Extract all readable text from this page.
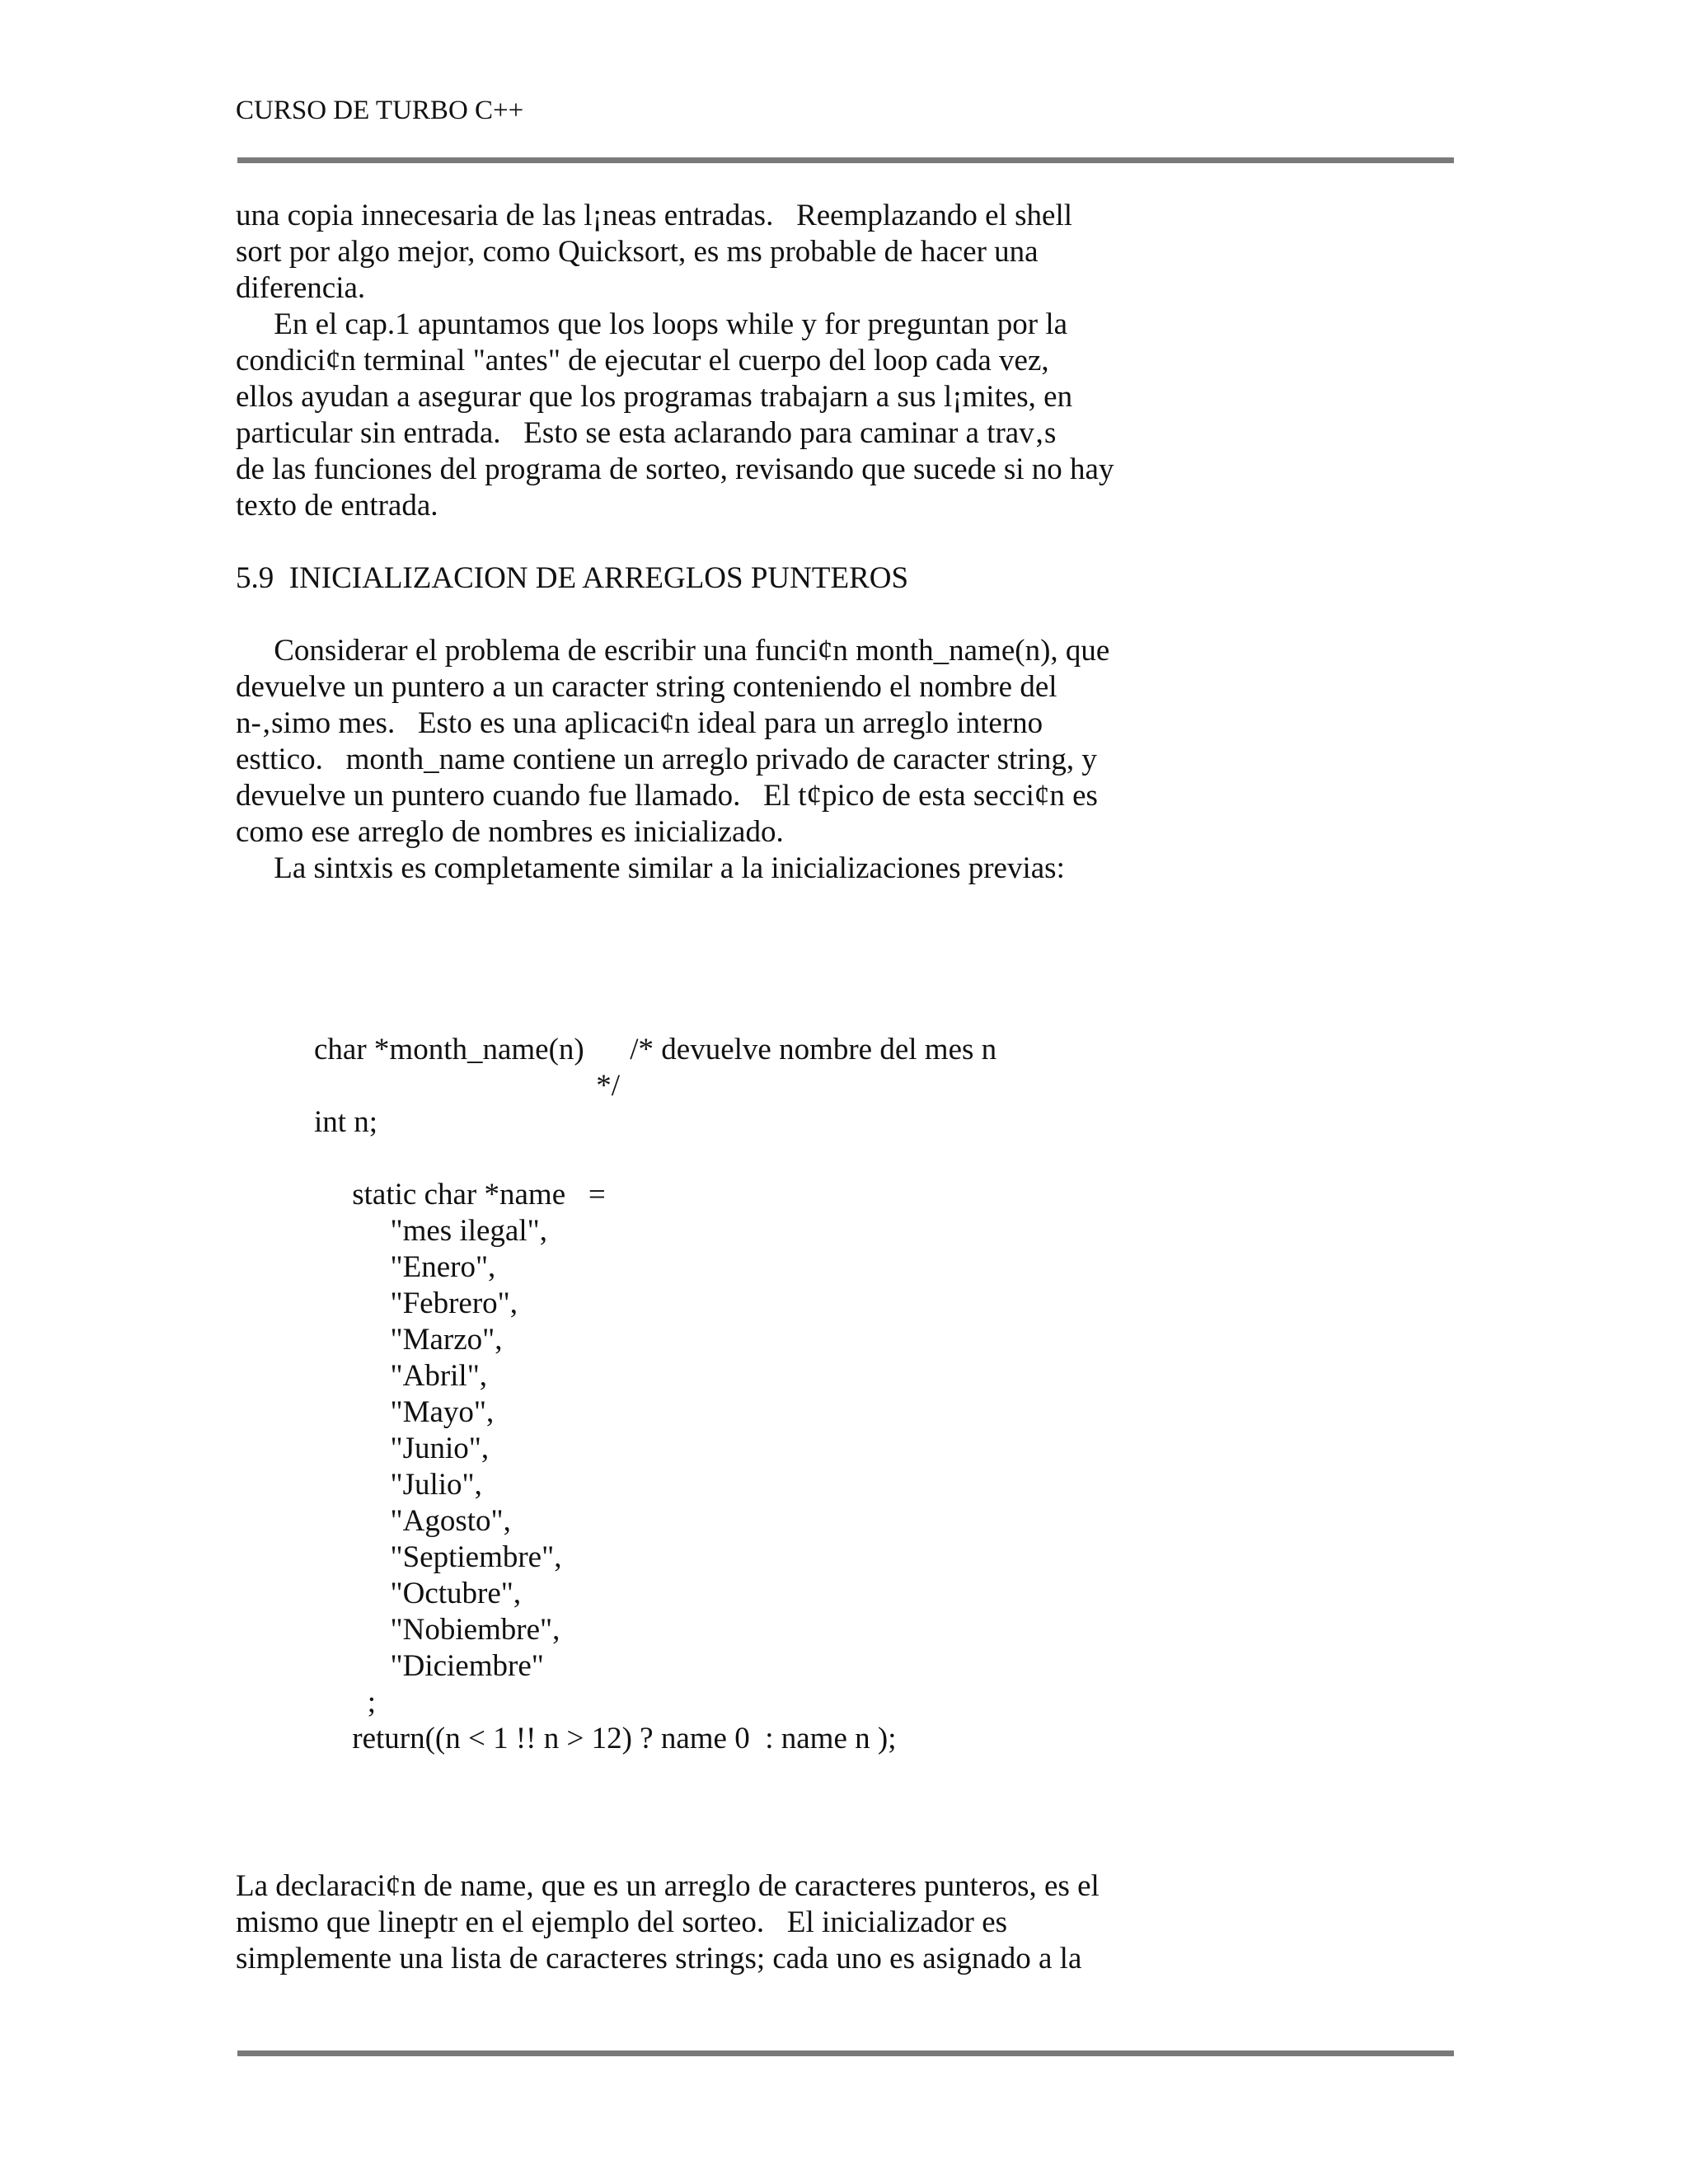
CURSO DE TURBO C++
una copia innecesaria de las l¡neas entradas.   Reemplazando el shell
sort por algo mejor, como Quicksort, es ms probable de hacer una
diferencia.
En el cap.1 apuntamos que los loops while y for preguntan por la
condici¢n terminal "antes" de ejecutar el cuerpo del loop cada vez,
ellos ayudan a asegurar que los programas trabajarn a sus l¡mites, en
particular sin entrada.   Esto se esta aclarando para caminar a trav‚s
de las funciones del programa de sorteo, revisando que sucede si no hay
texto de entrada.
5.9  INICIALIZACION DE ARREGLOS PUNTEROS
Considerar el problema de escribir una funci¢n month_name(n), que
devuelve un puntero a un caracter string conteniendo el nombre del
n-‚simo mes.   Esto es una aplicaci¢n ideal para un arreglo interno
esttico.   month_name contiene un arreglo privado de caracter string, y
devuelve un puntero cuando fue llamado.   El t¢pico de esta secci¢n es
como ese arreglo de nombres es inicializado.
La sintxis es completamente similar a la inicializaciones previas:
char *month_name(n)      /* devuelve nombre del mes n
*/
int n;
static char *name   =
"mes ilegal",
"Enero",
"Febrero",
"Marzo",
"Abril",
"Mayo",
"Junio",
"Julio",
"Agosto",
"Septiembre",
"Octubre",
"Nobiembre",
"Diciembre"
;
return((n < 1 !! n > 12) ? name 0  : name n );
La declaraci¢n de name, que es un arreglo de caracteres punteros, es el
mismo que lineptr en el ejemplo del sorteo.   El inicializador es
simplemente una lista de caracteres strings; cada uno es asignado a la
